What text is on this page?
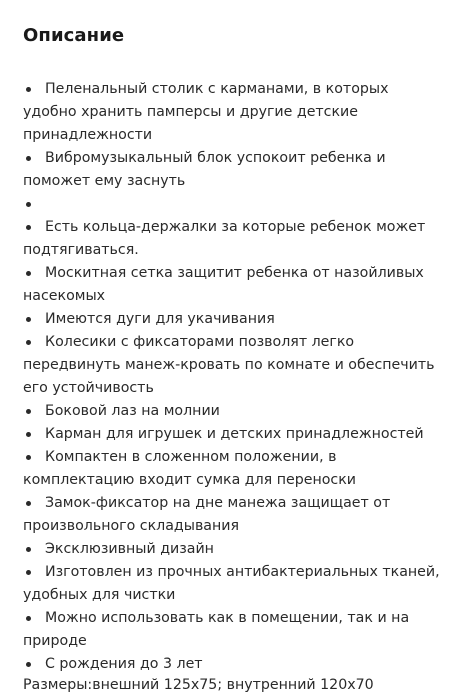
Описание
Пеленальный столик с карманами, в которых удобно хранить памперсы и другие детские принадлежности
Вибромузыкальный блок успокоит ребенка и поможет ему заснуть
Есть кольца-держалки за которые ребенок может подтягиваться.
Москитная сетка защитит ребенка от назойливых насекомых
Имеются дуги для укачивания
Колесики с фиксаторами позволят легко передвинуть манеж-кровать по комнате и обеспечить его устойчивость
Боковой лаз на молнии
Карман для игрушек и детских принадлежностей
Компактен в сложенном положении, в комплектацию входит сумка для переноски
Замок-фиксатор на дне манежа защищает от произвольного складывания
Эксклюзивный дизайн
Изготовлен из прочных антибактериальных тканей, удобных для чистки
Можно использовать как в помещении, так и на природе
С рождения до 3 лет
Размеры:внешний 125x75; внутренний 120x70
